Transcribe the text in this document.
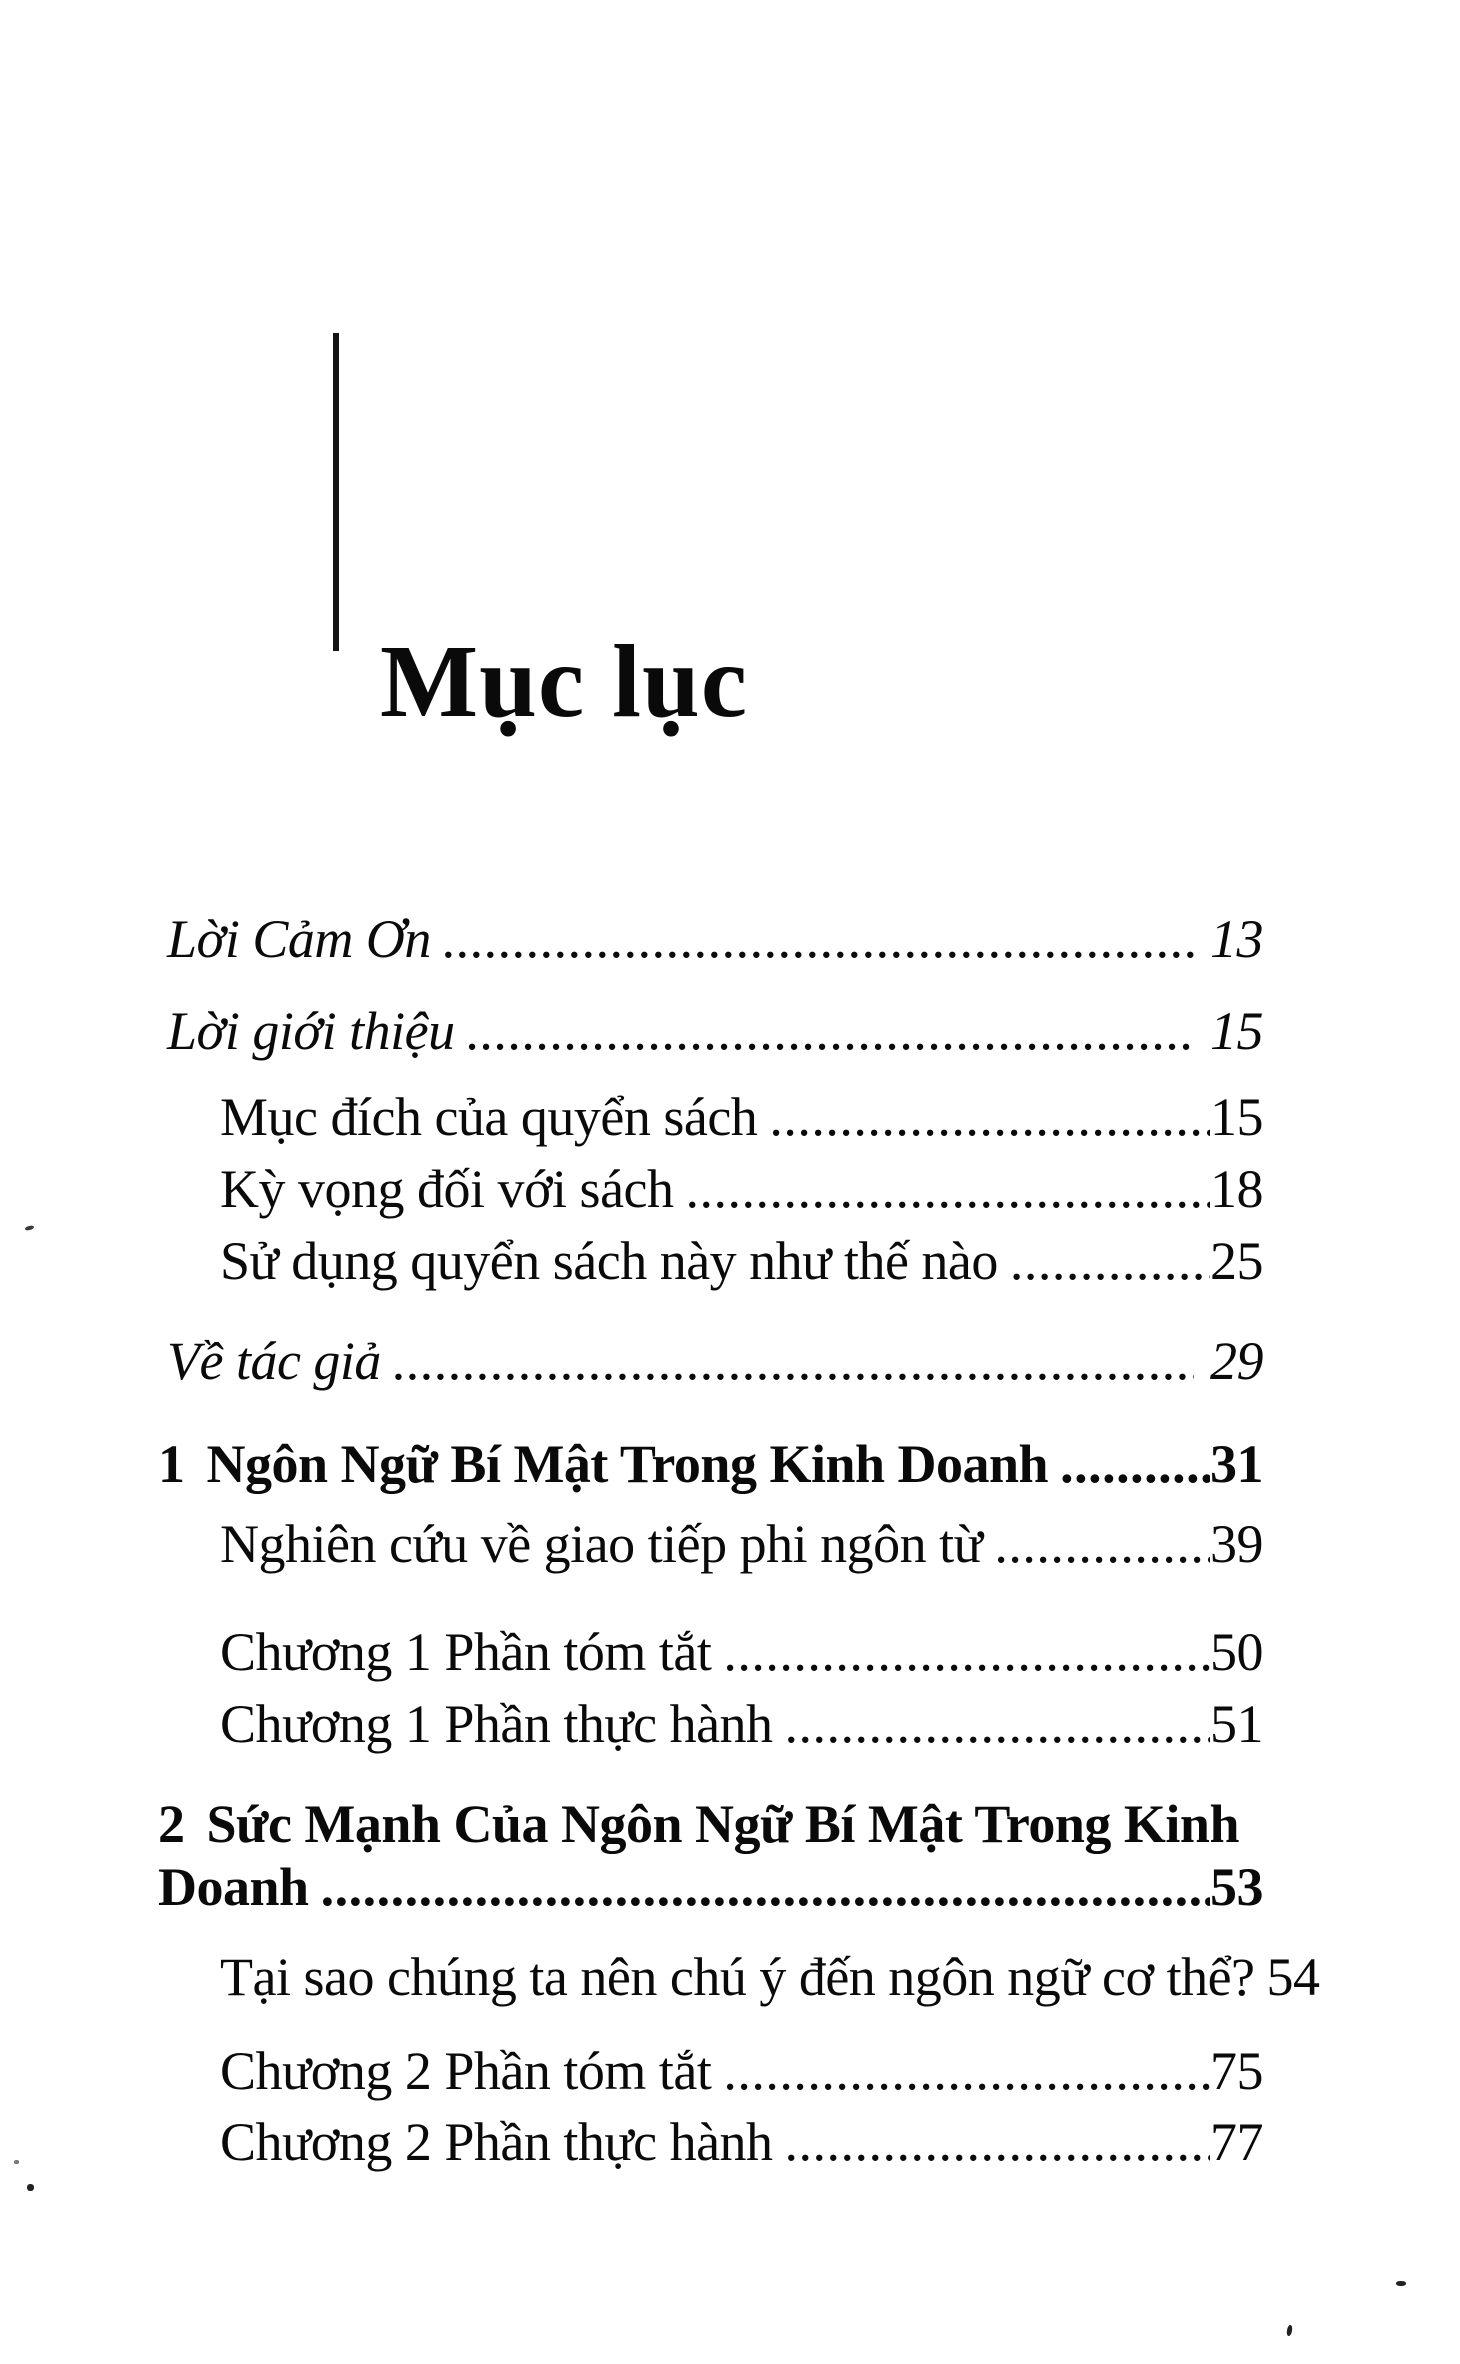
Mục lục
Lời Cảm Ơn .....	13
Lời giới thiệu .....	15
Mục đích của quyển sách .....	15
Kỳ vọng đối với sách .....	18
Sử dụng quyển sách này như thế nào .....	25
Về tác giả .....	29
1 Ngôn Ngữ Bí Mật Trong Kinh Doanh .....	31
Nghiên cứu về giao tiếp phi ngôn từ .....	39
Chương 1 Phần tóm tắt .....	50
Chương 1 Phần thực hành .....	51
2 Sức Mạnh Của Ngôn Ngữ Bí Mật Trong Kinh
Doanh .....	53
Tại sao chúng ta nên chú ý đến ngôn ngữ cơ thể? 54
Chương 2 Phần tóm tắt .....	75
Chương 2 Phần thực hành .....	77
